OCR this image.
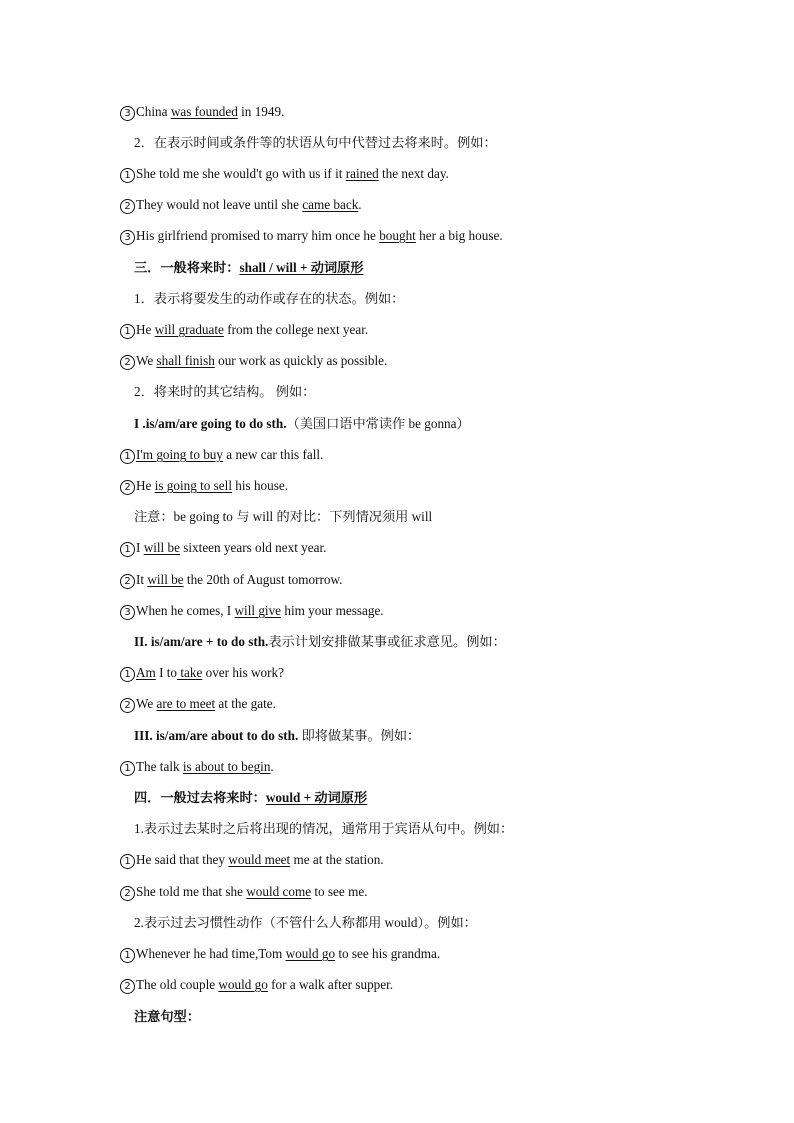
3 China was founded in 1949.
2．在表示时间或条件等的状语从句中代替过去将来时。例如：
1 She told me she would't go with us if it rained the next day.
2 They would not leave until she came back.
3 His girlfriend promised to marry him once he bought her a big house.
三．一般将来时：shall / will + 动词原形
1．表示将要发生的动作或存在的状态。例如：
1 He will graduate from the college next year.
2 We shall finish our work as quickly as possible.
2．将来时的其它结构。 例如：
I .is/am/are going to do sth.（美国口语中常读作 be gonna）
1 I'm going to buy a new car this fall.
2 He is going to sell his house.
注意：be going to 与 will 的对比：下列情况须用 will
1 I will be sixteen years old next year.
2 It will be the 20th of August tomorrow.
3 When he comes, I will give him your message.
II. is/am/are + to do sth.表示计划安排做某事或征求意见。例如：
1 Am I to take over his work?
2 We are to meet at the gate.
III. is/am/are about to do sth. 即将做某事。例如：
1 The talk is about to begin.
四．一般过去将来时：would + 动词原形
1.表示过去某时之后将出现的情况，通常用于宾语从句中。例如：
1 He said that they would meet me at the station.
2 She told me that she would come to see me.
2.表示过去习惯性动作（不管什么人称都用 would）。例如：
1 Whenever he had time,Tom would go to see his grandma.
2 The old couple would go for a walk after supper.
注意句型：
